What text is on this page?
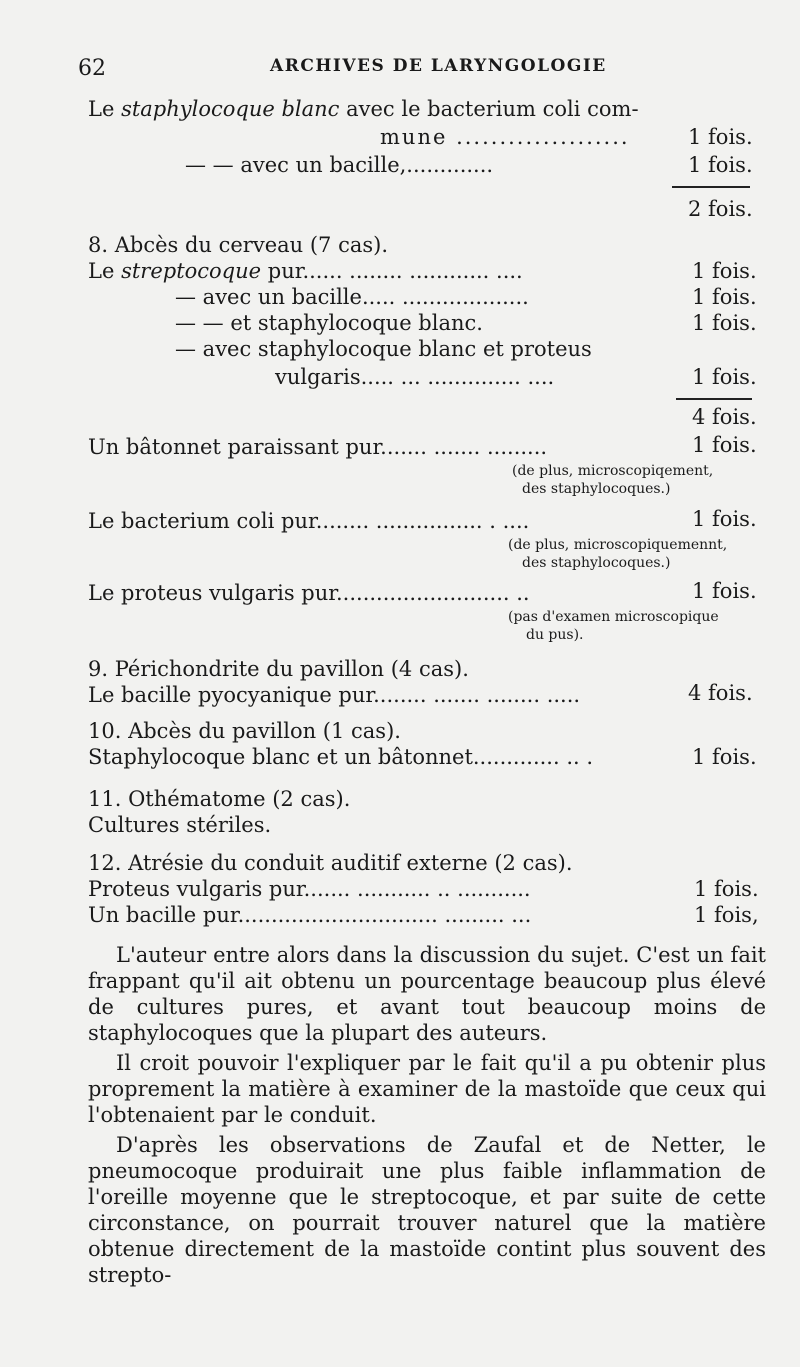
62	ARCHIVES DE LARYNGOLOGIE
Le staphylocoque blanc avec le bacterium coli com-
mune ....................	1 fois.
— — avec un bacille,.............	1 fois.
2 fois.
8. Abcès du cerveau (7 cas).
Le streptocoque pur...... ........ ............ ....	1 fois.
— avec un bacille..... ...................	1 fois.
— — et staphylocoque blanc.	1 fois.
— avec staphylocoque blanc et proteus
vulgaris..... ... .............. ....	1 fois.
4 fois.
Un bâtonnet paraissant pur....... ....... .........	1 fois.
(de plus, microscopiqement,
des staphylocoques.)
Le bacterium coli pur........ ................ . ....	1 fois.
(de plus, microscopiquemennt,
des staphylocoques.)
Le proteus vulgaris pur.......................... ..	1 fois.
(pas d'examen microscopique
du pus).
9. Périchondrite du pavillon (4 cas).
Le bacille pyocyanique pur........ ....... ........ .....	4 fois.
10. Abcès du pavillon (1 cas).
Staphylocoque blanc et un bâtonnet............. .. .	1 fois.
11. Othématome (2 cas).
Cultures stériles.
12. Atrésie du conduit auditif externe (2 cas).
Proteus vulgaris pur....... ........... .. ...........	1 fois.
Un bacille pur.............................. ......... ...	1 fois,

L'auteur entre alors dans la discussion du sujet. C'est un fait frappant qu'il ait obtenu un pourcentage beaucoup plus élevé de cultures pures, et avant tout beaucoup moins de staphylocoques que la plupart des auteurs.

Il croit pouvoir l'expliquer par le fait qu'il a pu obtenir plus proprement la matière à examiner de la mastoïde que ceux qui l'obtenaient par le conduit.

D'après les observations de Zaufal et de Netter, le pneumocoque produirait une plus faible inflammation de l'oreille moyenne que le streptocoque, et par suite de cette circonstance, on pourrait trouver naturel que la matière obtenue directement de la mastoïde contint plus souvent des strepto-
